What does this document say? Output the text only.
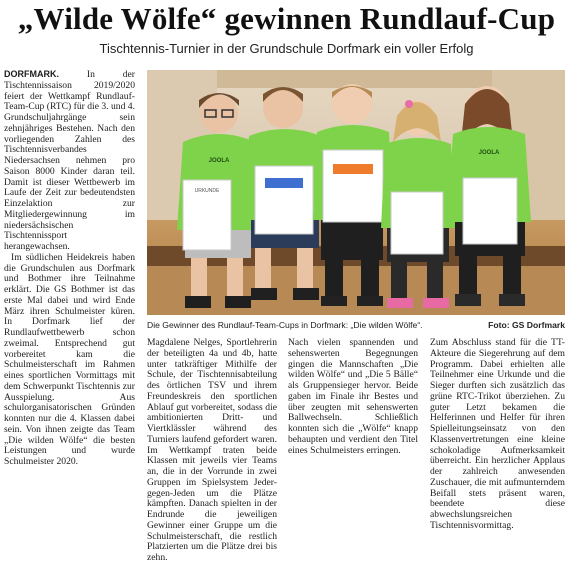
„Wilde Wölfe“ gewinnen Rundlauf-Cup
Tischtennis-Turnier in der Grundschule Dorfmark ein voller Erfolg

DORFMARK.	In der Tischtennissaison 2019/2020 feiert der Wettkampf Rundlauf-Team-Cup (RTC) für die 3. und 4. Grundschuljahrgänge sein zehnjähriges Bestehen. Nach den vorliegenden Zahlen des Tischtennisverbandes Niedersachsen nehmen pro Saison 8000 Kinder daran teil. Damit ist dieser Wettbewerb im Laufe der Zeit zur bedeutendsten Einzelaktion zur Mitgliedergewinnung im niedersächsischen Tischtennissport herangewachsen.

Im südlichen Heidekreis haben die Grundschulen aus Dorfmark und Bothmer ihre Teilnahme erklärt. Die GS Bothmer ist das erste Mal dabei und wird Ende März ihren Schulmeister küren. In Dorfmark lief der Rundlaufwettbewerb schon zweimal. Entsprechend gut vorbereitet kam die Schulmeisterschaft im Rahmen eines sportlichen Vormittags mit dem Schwerpunkt Tischtennis zur Ausspielung. Aus schulorganisatorischen Gründen konnten nur die 4. Klassen dabei sein. Von ihnen zeigte das Team „Die wilden Wölfe“ die besten Leistungen und wurde Schulmeister 2020.

URKUNDE
JOOLA
JOOLA
Die Gewinner des Rundlauf-Team-Cups in Dorfmark: „Die wilden Wölfe“.	Foto: GS Dorfmark

Magdalene Nelges, Sportlehrerin der beteiligten 4a und 4b, hatte unter tatkräftiger Mithilfe der Schule, der Tischtennisabteilung des örtlichen TSV und ihrem Freundeskreis den sportlichen Ablauf gut vorbereitet, sodass die ambitionierten Dritt- und Viertklässler während des Turniers laufend gefordert waren. Im Wettkampf traten beide Klassen mit jeweils vier Teams an, die in der Vorrunde in zwei Gruppen im Spielsystem Jeder-gegen-Jeden um die Plätze kämpften. Danach spielten in der Endrunde die jeweiligen Gewinner einer Gruppe um die Schulmeisterschaft, die restlich Platzierten um die Plätze drei bis zehn.

Nach vielen spannenden und sehenswerten Begegnungen gingen die Mannschaften „Die wilden Wölfe“ und „Die 5 Bälle“ als Gruppensieger hervor. Beide gaben im Finale ihr Bestes und über zeugten mit sehenswerten Ballwechseln. Schließlich konnten sich die „Wölfe“ knapp behaupten und verdient den Titel eines Schulmeisters erringen.

Zum Abschluss stand für die TT-Akteure die Siegerehrung auf dem Programm. Dabei erhielten alle Teilnehmer eine Urkunde und die Sieger durften sich zusätzlich das grüne RTC-Trikot überziehen. Zu guter Letzt bekamen die Helferinnen und Helfer für ihren Spielleitungseinsatz von den Klassenvertretungen eine kleine schokoladige Aufmerksamkeit überreicht. Ein herzlicher Applaus der zahlreich anwesenden Zuschauer, die mit aufmunterndem Beifall stets präsent waren, beendete diese abwechslungsreichen Tischtennisvormittag.
